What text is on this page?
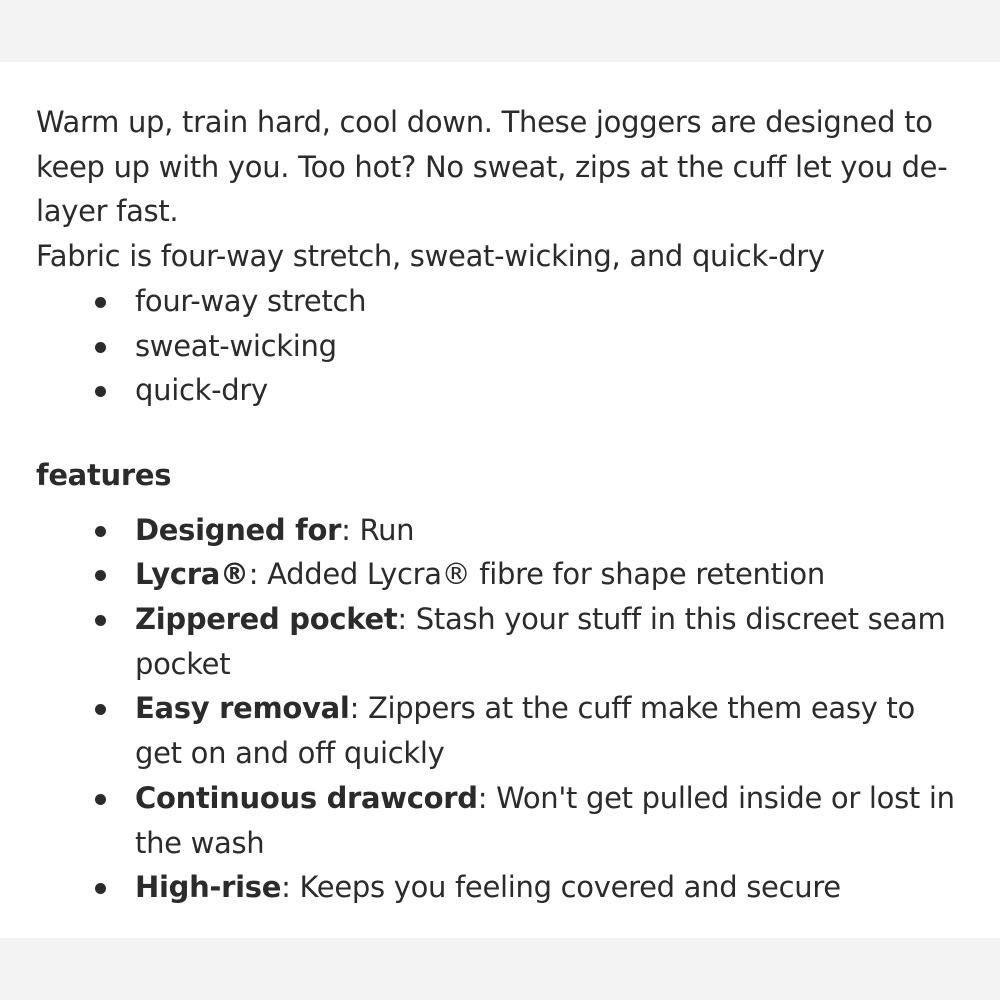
Warm up, train hard, cool down. These joggers are designed to keep up with you. Too hot? No sweat, zips at the cuff let you de-layer fast.

Fabric is four-way stretch, sweat-wicking, and quick-dry

four-way stretch
sweat-wicking
quick-dry

features

Designed for: Run
Lycra®: Added Lycra® fibre for shape retention
Zippered pocket: Stash your stuff in this discreet seam pocket
Easy removal: Zippers at the cuff make them easy to get on and off quickly
Continuous drawcord: Won't get pulled inside or lost in the wash
High-rise: Keeps you feeling covered and secure
